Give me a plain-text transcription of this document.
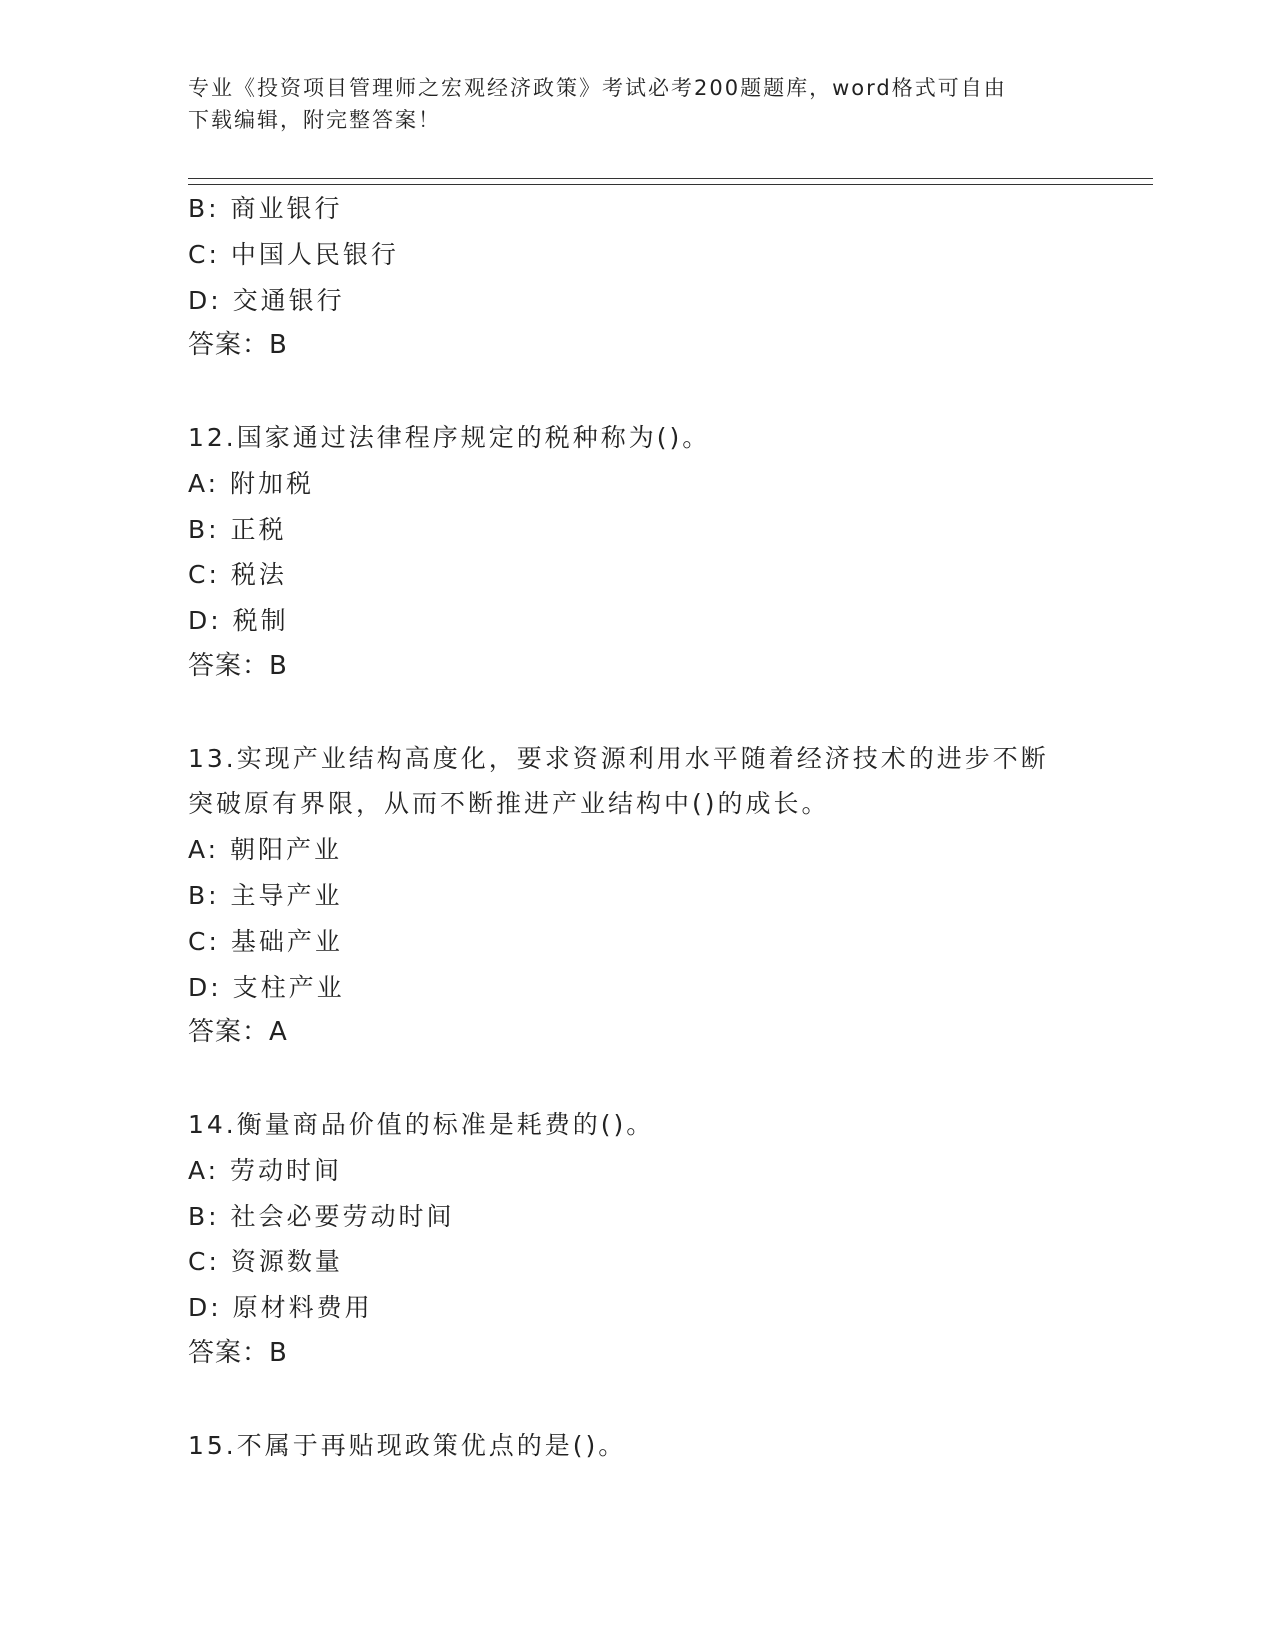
专业《投资项目管理师之宏观经济政策》考试必考200题题库，word格式可自由
下载编辑，附完整答案！
B: 商业银行
C: 中国人民银行
D: 交通银行
答案：B
12.国家通过法律程序规定的税种称为()。
A: 附加税
B: 正税
C: 税法
D: 税制
答案：B
13.实现产业结构高度化，要求资源利用水平随着经济技术的进步不断
突破原有界限，从而不断推进产业结构中()的成长。
A: 朝阳产业
B: 主导产业
C: 基础产业
D: 支柱产业
答案：A
14.衡量商品价值的标准是耗费的()。
A: 劳动时间
B: 社会必要劳动时间
C: 资源数量
D: 原材料费用
答案：B
15.不属于再贴现政策优点的是()。
